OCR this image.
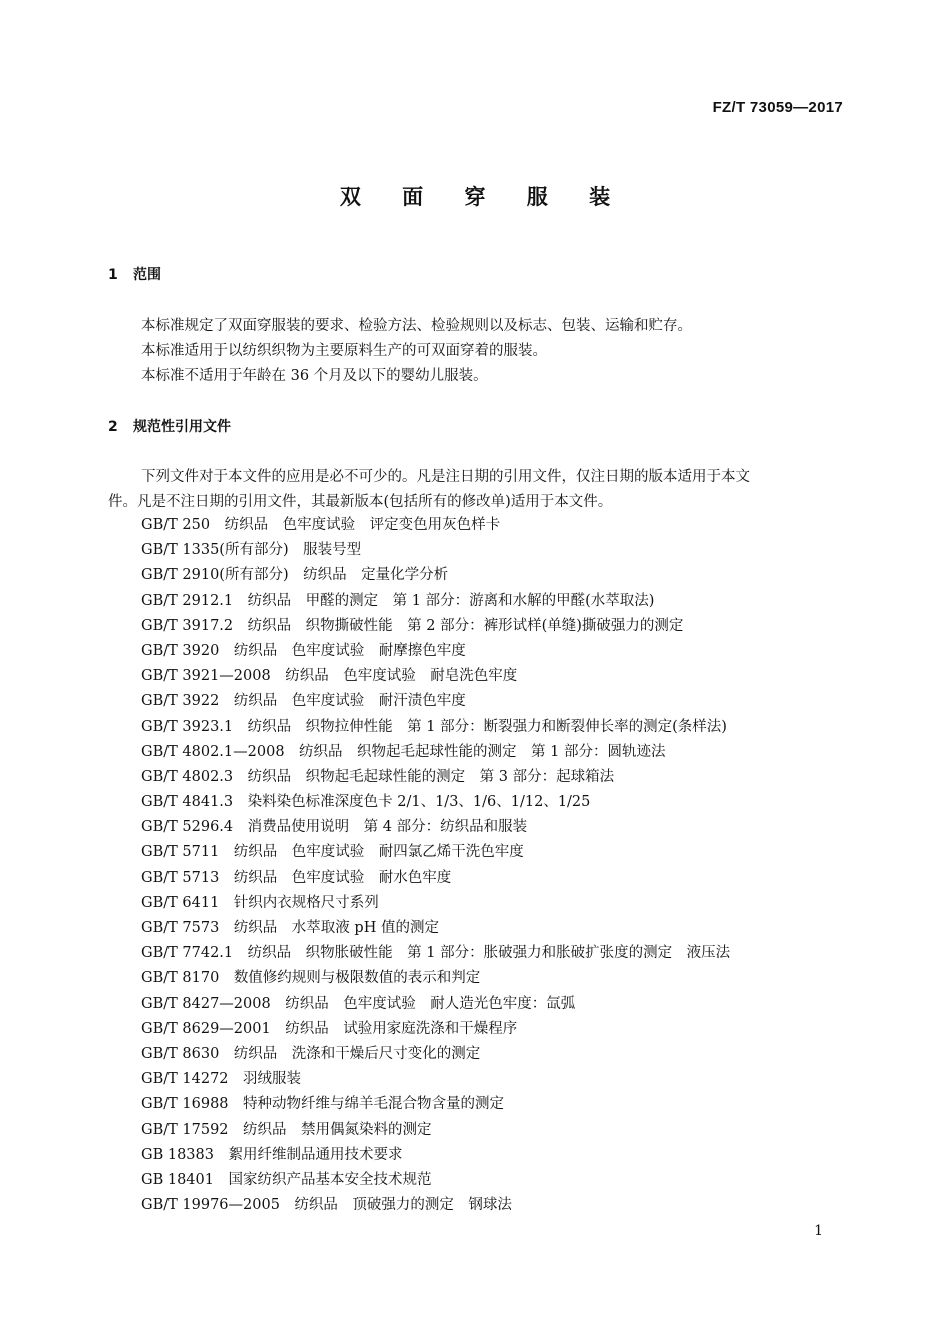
FZ/T 73059—2017
双 面 穿 服 装
1 范围
本标准规定了双面穿服装的要求、检验方法、检验规则以及标志、包装、运输和贮存。
本标准适用于以纺织织物为主要原料生产的可双面穿着的服装。
本标准不适用于年龄在 36 个月及以下的婴幼儿服装。
2 规范性引用文件
下列文件对于本文件的应用是必不可少的。凡是注日期的引用文件，仅注日期的版本适用于本文
件。凡是不注日期的引用文件，其最新版本(包括所有的修改单)适用于本文件。
GB/T 250　 纺织品　色牢度试验　评定变色用灰色样卡
GB/T 1335(所有部分)　 服装号型
GB/T 2910(所有部分)　 纺织品　定量化学分析
GB/T 2912.1　 纺织品　甲醛的测定　第 1 部分：游离和水解的甲醛(水萃取法)
GB/T 3917.2　 纺织品　织物撕破性能　第 2 部分：裤形试样(单缝)撕破强力的测定
GB/T 3920　 纺织品　色牢度试验　耐摩擦色牢度
GB/T 3921—2008　 纺织品　色牢度试验　耐皂洗色牢度
GB/T 3922　 纺织品　色牢度试验　耐汗渍色牢度
GB/T 3923.1　 纺织品　织物拉伸性能　第 1 部分：断裂强力和断裂伸长率的测定(条样法)
GB/T 4802.1—2008　 纺织品　织物起毛起球性能的测定　第 1 部分：圆轨迹法
GB/T 4802.3　 纺织品　织物起毛起球性能的测定　第 3 部分：起球箱法
GB/T 4841.3　 染料染色标准深度色卡 2/1、1/3、1/6、1/12、1/25
GB/T 5296.4　 消费品使用说明　第 4 部分：纺织品和服装
GB/T 5711　 纺织品　色牢度试验　耐四氯乙烯干洗色牢度
GB/T 5713　 纺织品　色牢度试验　耐水色牢度
GB/T 6411　 针织内衣规格尺寸系列
GB/T 7573　 纺织品　水萃取液 pH 值的测定
GB/T 7742.1　 纺织品　织物胀破性能　第 1 部分：胀破强力和胀破扩张度的测定　液压法
GB/T 8170　 数值修约规则与极限数值的表示和判定
GB/T 8427—2008　 纺织品　色牢度试验　耐人造光色牢度：氙弧
GB/T 8629—2001　 纺织品　试验用家庭洗涤和干燥程序
GB/T 8630　 纺织品　洗涤和干燥后尺寸变化的测定
GB/T 14272　 羽绒服装
GB/T 16988　 特种动物纤维与绵羊毛混合物含量的测定
GB/T 17592　 纺织品　禁用偶氮染料的测定
GB 18383　 絮用纤维制品通用技术要求
GB 18401　 国家纺织产品基本安全技术规范
GB/T 19976—2005　 纺织品　顶破强力的测定　钢球法
1
